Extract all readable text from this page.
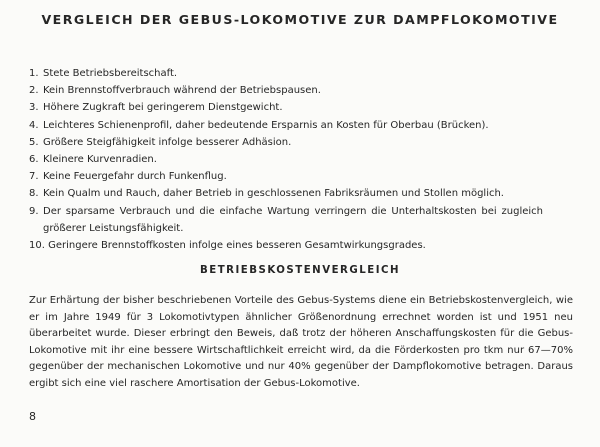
VERGLEICH DER GEBUS-LOKOMOTIVE ZUR DAMPFLOKOMOTIVE
1. Stete Betriebsbereitschaft.
2. Kein Brennstoffverbrauch während der Betriebspausen.
3. Höhere Zugkraft bei geringerem Dienstgewicht.
4. Leichteres Schienenprofil, daher bedeutende Ersparnis an Kosten für Oberbau (Brücken).
5. Größere Steigfähigkeit infolge besserer Adhäsion.
6. Kleinere Kurvenradien.
7. Keine Feuergefahr durch Funkenflug.
8. Kein Qualm und Rauch, daher Betrieb in geschlossenen Fabriksräumen und Stollen möglich.
9. Der sparsame Verbrauch und die einfache Wartung verringern die Unterhaltskosten bei zugleich größerer Leistungsfähigkeit.
10. Geringere Brennstoffkosten infolge eines besseren Gesamtwirkungsgrades.
BETRIEBSKOSTENVERGLEICH

Zur Erhärtung der bisher beschriebenen Vorteile des Gebus-Systems diene ein Betriebskostenvergleich, wie er im Jahre 1949 für 3 Lokomotivtypen ähnlicher Größenordnung errechnet worden ist und 1951 neu überarbeitet wurde. Dieser erbringt den Beweis, daß trotz der höheren Anschaffungskosten für die Gebus-Lokomotive mit ihr eine bessere Wirtschaftlichkeit erreicht wird, da die Förderkosten pro tkm nur 67—70% gegenüber der mechanischen Lokomotive und nur 40% gegenüber der Dampflokomotive betragen. Daraus ergibt sich eine viel raschere Amortisation der Gebus-Lokomotive.

8
